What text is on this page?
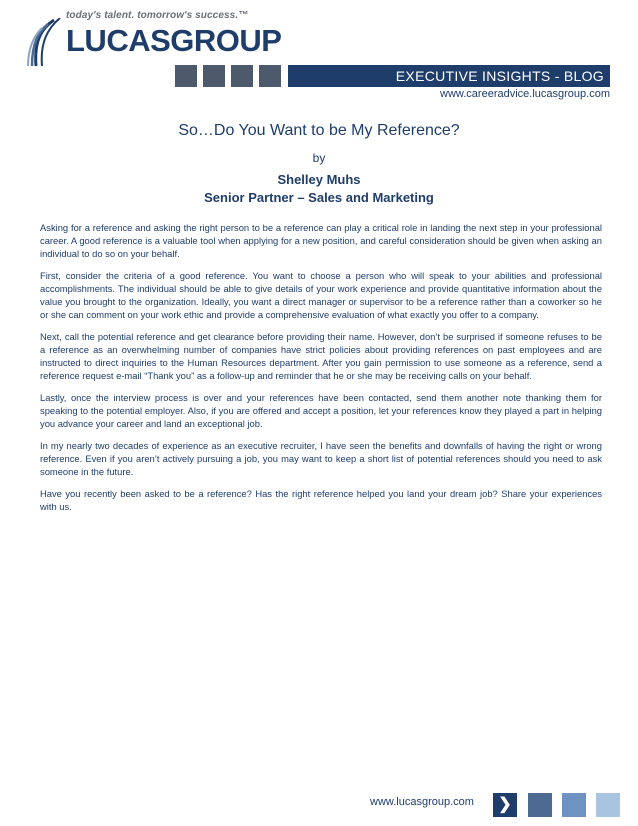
today's talent. tomorrow's success.™
LUCASGROUP
EXECUTIVE INSIGHTS - BLOG
www.careeradvice.lucasgroup.com
So…Do You Want to be My Reference?
by
Shelley Muhs
Senior Partner – Sales and Marketing

Asking for a reference and asking the right person to be a reference can play a critical role in landing the next step in your professional career. A good reference is a valuable tool when applying for a new position, and careful consideration should be given when asking an individual to do so on your behalf.

First, consider the criteria of a good reference. You want to choose a person who will speak to your abilities and professional accomplishments. The individual should be able to give details of your work experience and provide quantitative information about the value you brought to the organization. Ideally, you want a direct manager or supervisor to be a reference rather than a coworker so he or she can comment on your work ethic and provide a comprehensive evaluation of what exactly you offer to a company.

Next, call the potential reference and get clearance before providing their name. However, don’t be surprised if someone refuses to be a reference as an overwhelming number of companies have strict policies about providing references on past employees and are instructed to direct inquiries to the Human Resources department. After you gain permission to use someone as a reference, send a reference request e-mail “Thank you” as a follow-up and reminder that he or she may be receiving calls on your behalf.

Lastly, once the interview process is over and your references have been contacted, send them another note thanking them for speaking to the potential employer. Also, if you are offered and accept a position, let your references know they played a part in helping you advance your career and land an exceptional job.

In my nearly two decades of experience as an executive recruiter, I have seen the benefits and downfalls of having the right or wrong reference. Even if you aren’t actively pursuing a job, you may want to keep a short list of potential references should you need to ask someone in the future.

Have you recently been asked to be a reference? Has the right reference helped you land your dream job? Share your experiences with us.

www.lucasgroup.com	❯
